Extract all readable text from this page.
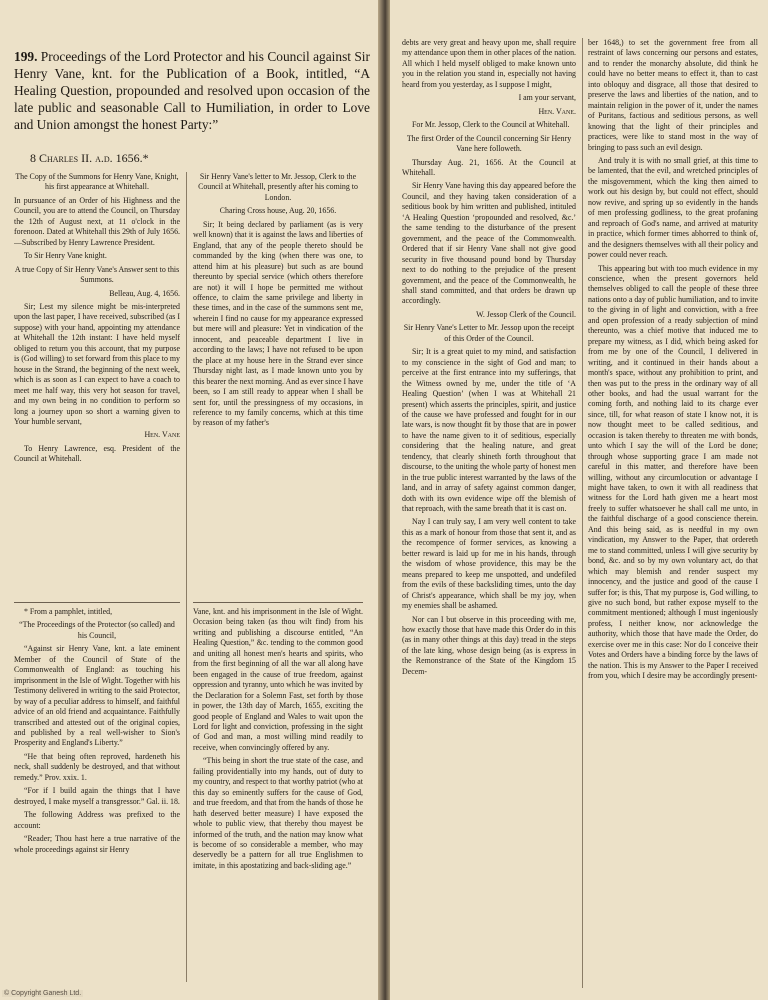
199. Proceedings of the Lord Protector and his Council against Sir Henry Vane, knt. for the Publication of a Book, intitled, “A Healing Question, propounded and resolved upon occasion of the late public and seasonable Call to Humiliation, in order to Love and Union amongst the honest Party:”
8 Charles II. a.d. 1656.*

The Copy of the Summons for Henry Vane, Knight, his first appearance at Whitehall.

In pursuance of an Order of his Highness and the Council, you are to attend the Council, on Thursday the 12th of August next, at 11 o'clock in the forenoon. Dated at Whitehall this 29th of July 1656.—Subscribed by Henry Lawrence President.

To Sir Henry Vane knight.

A true Copy of Sir Henry Vane's Answer sent to this Summons.

Belleau, Aug. 4, 1656.

Sir; Lest my silence might be mis-interpreted upon the last paper, I have received, subscribed (as I suppose) with your hand, appointing my attendance at Whitehall the 12th instant: I have held myself obliged to return you this account, that my purpose is (God willing) to set forward from this place to my house in the Strand, the beginning of the next week, which is as soon as I can expect to have a coach to meet me half way, this very hot season for travel, and my own being in no condition to perform so long a journey upon so short a warning given to Your humble servant,

Hen. Vane

To Henry Lawrence, esq. President of the Council at Whitehall.

* From a pamphlet, intitled,

“The Proceedings of the Protector (so called) and his Council,

“Against sir Henry Vane, knt. a late eminent Member of the Council of State of the Commonwealth of England: as touching his imprisonment in the Isle of Wight. Together with his Testimony delivered in writing to the said Protector, by way of a peculiar address to himself, and faithful advice of an old friend and acquaintance. Faithfully transcribed and attested out of the original copies, and published by a real well-wisher to Sion's Prosperity and England's Liberty.”

“He that being often reproved, hardeneth his neck, shall suddenly be destroyed, and that without remedy.” Prov. xxix. 1.

“For if I build again the things that I have destroyed, I make myself a transgressor.” Gal. ii. 18.

The following Address was prefixed to the account:

“Reader; Thou hast here a true narrative of the whole proceedings against sir Henry

Sir Henry Vane's letter to Mr. Jessop, Clerk to the Council at Whitehall, presently after his coming to London.

Charing Cross house, Aug. 20, 1656.

Sir; It being declared by parliament (as is very well known) that it is against the laws and liberties of England, that any of the people thereto should be commanded by the king (when there was one, to attend him at his pleasure) but such as are bound thereunto by special service (which others therefore are not) it will I hope be permitted me without offence, to claim the same privilege and liberty in these times, and in the case of the summons sent me, wherein I find no cause for my appearance expressed but mere will and pleasure: Yet in vindication of the innocent, and peaceable department I live in according to the laws; I have not refused to be upon the place at my house here in the Strand ever since Thursday night last, as I made known unto you by this bearer the next morning. And as ever since I have been, so I am still ready to appear when I shall be sent for, until the pressingness of my occasions, in reference to my family concerns, which at this time by reason of my father's

Vane, knt. and his imprisonment in the Isle of Wight. Occasion being taken (as thou wilt find) from his writing and publishing a discourse entitled, “An Healing Question,” &c. tending to the common good and uniting all honest men's hearts and spirits, who from the first beginning of all the war all along have been engaged in the cause of true freedom, against oppression and tyranny, unto which he was invited by the Declaration for a Solemn Fast, set forth by those in power, the 13th day of March, 1655, exciting the good people of England and Wales to wait upon the Lord for light and conviction, professing in the sight of God and man, a most willing mind readily to receive, when convincingly offered by any.

“This being in short the true state of the case, and failing providentially into my hands, out of duty to my country, and respect to that worthy patriot (who at this day so eminently suffers for the cause of God, and true freedom, and that from the hands of those he hath deserved better measure) I have exposed the whole to public view, that thereby thou mayest be informed of the truth, and the nation may know what is become of so considerable a member, who may deservedly be a pattern for all true Englishmen to imitate, in this apostatizing and back-sliding age.”

© Copyright Ganesh Ltd.

debts are very great and heavy upon me, shall require my attendance upon them in other places of the nation. All which I held myself obliged to make known unto you in the relation you stand in, especially not having heard from you yesterday, as I suppose I might,

I am your servant,

Hen. Vane.

For Mr. Jessop, Clerk to the Council at Whitehall.

The first Order of the Council concerning Sir Henry Vane here followeth.

Thursday Aug. 21, 1656. At the Council at Whitehall.

Sir Henry Vane having this day appeared before the Council, and they having taken consideration of a seditious book by him written and published, intituled ‘A Healing Question ‘propounded and resolved, &c.’ the same tending to the disturbance of the present government, and the peace of the Commonwealth. Ordered that if sir Henry Vane shall not give good security in five thousand pound bond by Thursday next to do nothing to the prejudice of the present government, and the peace of the Commonwealth, he shall stand committed, and that orders be drawn up accordingly.

W. Jessop Clerk of the Council.

Sir Henry Vane's Letter to Mr. Jessop upon the receipt of this Order of the Council.

Sir; It is a great quiet to my mind, and satisfaction to my conscience in the sight of God and man; to perceive at the first entrance into my sufferings, that the Witness owned by me, under the title of ‘A Healing Question’ (when I was at Whitehall 21 present) which asserts the principles, spirit, and justice of the cause we have professed and fought for in our late wars, is now thought fit by those that are in power to have the name given to it of seditious, especially considering that the healing nature, and great tendency, that clearly shineth forth throughout that discourse, to the uniting the whole party of honest men in the true public interest warranted by the laws of the land, and in array of safety against common danger, doth with its own evidence wipe off the blemish of that reproach, with the same breath that it is cast on.

Nay I can truly say, I am very well content to take this as a mark of honour from those that sent it, and as the recompence of former services, as knowing a better reward is laid up for me in his hands, through the wisdom of whose providence, this may be the means prepared to keep me unspotted, and undefiled from the evils of these backsliding times, unto the day of Christ's appearance, which shall be my joy, when my enemies shall be ashamed.

Nor can I but observe in this proceeding with me, how exactly those that have made this Order do in this (as in many other things at this day) tread in the steps of the late king, whose design being (as is express in the Remonstrance of the State of the Kingdom 15 Decem-

ber 1648,) to set the government free from all restraint of laws concerning our persons and estates, and to render the monarchy absolute, did think he could have no better means to effect it, than to cast into obloquy and disgrace, all those that desired to preserve the laws and liberties of the nation, and to maintain religion in the power of it, under the names of Puritans, factious and seditious persons, as well knowing that the light of their principles and practices, were like to stand most in the way of bringing to pass such an evil design.

And truly it is with no small grief, at this time to be lamented, that the evil, and wretched principles of the misgovernment, which the king then aimed to work out his design by, but could not effect, should now revive, and spring up so evidently in the hands of men professing godliness, to the great profaning and reproach of God's name, and arrived at maturity in practice, which former times abhorred to think of, and the designers themselves with all their policy and power could never reach.

This appearing but with too much evidence in my conscience, when the present governors held themselves obliged to call the people of these three nations onto a day of public humiliation, and to invite to the giving in of light and conviction, with a free and open profession of a ready subjection of mind thereunto, was a chief motive that induced me to prepare my witness, as I did, which being asked for from me by one of the Council, I delivered in writing, and it continued in their hands about a month's space, without any prohibition to print, and then was put to the press in the ordinary way of all other books, and had the usual warrant for the coming forth, and nothing laid to its charge ever since, till, for what reason of state I know not, it is now thought meet to be called seditious, and occasion is taken thereby to threaten me with bonds, unto which I say the will of the Lord be done; through whose supporting grace I am made not careful in this matter, and therefore have been willing, without any circumlocution or advantage I might have taken, to own it with all readiness that witness for the Lord hath given me a heart most freely to suffer whatsoever he shall call me unto, in the faithful discharge of a good conscience therein. And this being said, as is needful in my own vindication, my Answer to the Paper, that ordereth me to stand committed, unless I will give security by bond, &c. and so by my own voluntary act, do that which may blemish and render suspect my innocency, and the justice and good of the cause I suffer for; is this, That my purpose is, God willing, to give no such bond, but rather expose myself to the commitment mentioned; although I must ingeniously profess, I neither know, nor acknowledge the authority, which those that have made the Order, do exercise over me in this case: Nor do I conceive their Votes and Orders have a binding force by the laws of the nation. This is my Answer to the Paper I received from you, which I desire may be accordingly present-
